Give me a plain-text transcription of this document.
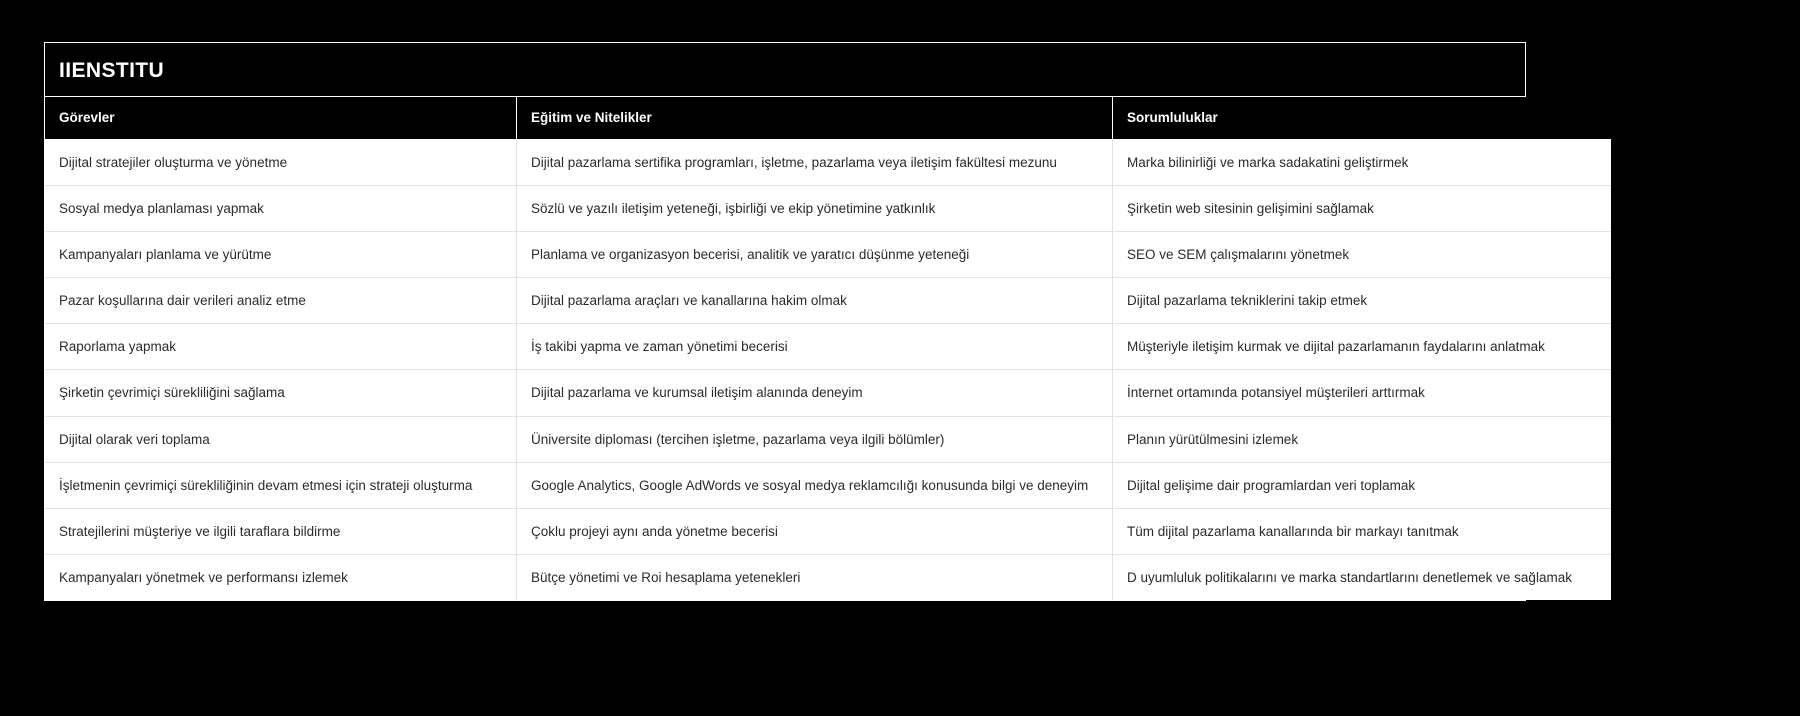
IIENSTITU
Görevler	Eğitim ve Nitelikler	Sorumluluklar
Dijital stratejiler oluşturma ve yönetme	Dijital pazarlama sertifika programları, işletme, pazarlama veya iletişim fakültesi mezunu	Marka bilinirliği ve marka sadakatini geliştirmek
Sosyal medya planlaması yapmak	Sözlü ve yazılı iletişim yeteneği, işbirliği ve ekip yönetimine yatkınlık	Şirketin web sitesinin gelişimini sağlamak
Kampanyaları planlama ve yürütme	Planlama ve organizasyon becerisi, analitik ve yaratıcı düşünme yeteneği	SEO ve SEM çalışmalarını yönetmek
Pazar koşullarına dair verileri analiz etme	Dijital pazarlama araçları ve kanallarına hakim olmak	Dijital pazarlama tekniklerini takip etmek
Raporlama yapmak	İş takibi yapma ve zaman yönetimi becerisi	Müşteriyle iletişim kurmak ve dijital pazarlamanın faydalarını anlatmak
Şirketin çevrimiçi sürekliliğini sağlama	Dijital pazarlama ve kurumsal iletişim alanında deneyim	İnternet ortamında potansiyel müşterileri arttırmak
Dijital olarak veri toplama	Üniversite diploması (tercihen işletme, pazarlama veya ilgili bölümler)	Planın yürütülmesini izlemek
İşletmenin çevrimiçi sürekliliğinin devam etmesi için strateji oluşturma	Google Analytics, Google AdWords ve sosyal medya reklamcılığı konusunda bilgi ve deneyim	Dijital gelişime dair programlardan veri toplamak
Stratejilerini müşteriye ve ilgili taraflara bildirme	Çoklu projeyi aynı anda yönetme becerisi	Tüm dijital pazarlama kanallarında bir markayı tanıtmak
Kampanyaları yönetmek ve performansı izlemek	Bütçe yönetimi ve Roi hesaplama yetenekleri	D uyumluluk politikalarını ve marka standartlarını denetlemek ve sağlamak
